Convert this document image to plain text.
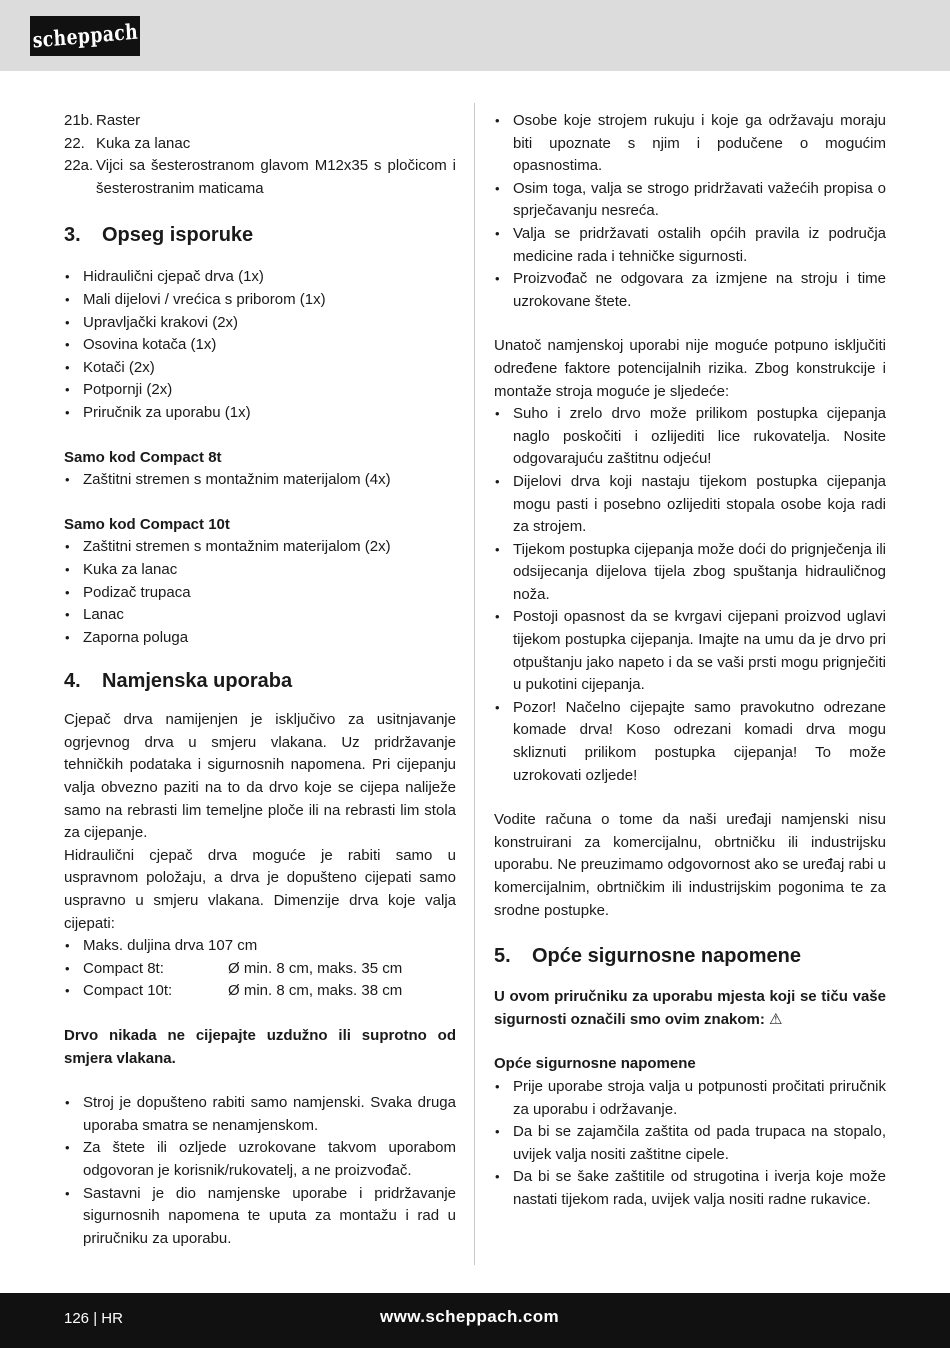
scheppach
21b. Raster
22. Kuka za lanac
22a. Vijci sa šesterostranom glavom M12x35 s pločicom i šesterostranim maticama
3.	Opseg isporuke
• Hidraulični cjepač drva (1x)
• Mali dijelovi / vrećica s priborom (1x)
• Upravljački krakovi (2x)
• Osovina kotača (1x)
• Kotači (2x)
• Potpornji (2x)
• Priručnik za uporabu (1x)

Samo kod Compact 8t

• Zaštitni stremen s montažnim materijalom (4x)

Samo kod Compact 10t

• Zaštitni stremen s montažnim materijalom (2x)
• Kuka za lanac
• Podizač trupaca
• Lanac
• Zaporna poluga
4.	Namjenska uporaba

Cjepač drva namijenjen je isključivo za usitnjavanje ogrjevnog drva u smjeru vlakana. Uz pridržavanje tehničkih podataka i sigurnosnih napomena. Pri cijepanju valja obvezno paziti na to da drvo koje se cijepa naliježe samo na rebrasti lim temeljne ploče ili na rebrasti lim stola za cijepanje.

Hidraulični cjepač drva moguće je rabiti samo u uspravnom položaju, a drva je dopušteno cijepati samo uspravno u smjeru vlakana. Dimenzije drva koje valja cijepati:

• Maks. duljina drva 107 cm
• Compact 8t:	Ø min. 8 cm, maks. 35 cm
• Compact 10t:	Ø min. 8 cm, maks. 38 cm

Drvo nikada ne cijepajte uzdužno ili suprotno od smjera vlakana.

• Stroj je dopušteno rabiti samo namjenski. Svaka druga uporaba smatra se nenamjenskom.
• Za štete ili ozljede uzrokovane takvom uporabom odgovoran je korisnik/rukovatelj, a ne proizvođač.
• Sastavni je dio namjenske uporabe i pridržavanje sigurnosnih napomena te uputa za montažu i rad u priručniku za uporabu.
• Osobe koje strojem rukuju i koje ga održavaju moraju biti upoznate s njim i podučene o mogućim opasnostima.
• Osim toga, valja se strogo pridržavati važećih propisa o sprječavanju nesreća.
• Valja se pridržavati ostalih općih pravila iz područja medicine rada i tehničke sigurnosti.
• Proizvođač ne odgovara za izmjene na stroju i time uzrokovane štete.

Unatoč namjenskoj uporabi nije moguće potpuno isključiti određene faktore potencijalnih rizika. Zbog konstrukcije i montaže stroja moguće je sljedeće:

• Suho i zrelo drvo može prilikom postupka cijepanja naglo poskočiti i ozlijediti lice rukovatelja. Nosite odgovarajuću zaštitnu odjeću!
• Dijelovi drva koji nastaju tijekom postupka cijepanja mogu pasti i posebno ozlijediti stopala osobe koja radi za strojem.
• Tijekom postupka cijepanja može doći do prignječenja ili odsijecanja dijelova tijela zbog spuštanja hidrauličnog noža.
• Postoji opasnost da se kvrgavi cijepani proizvod uglavi tijekom postupka cijepanja. Imajte na umu da je drvo pri otpuštanju jako napeto i da se vaši prsti mogu prignječiti u pukotini cijepanja.
• Pozor! Načelno cijepajte samo pravokutno odrezane komade drva! Koso odrezani komadi drva mogu skliznuti prilikom postupka cijepanja! To može uzrokovati ozljede!

Vodite računa o tome da naši uređaji namjenski nisu konstruirani za komercijalnu, obrtničku ili industrijsku uporabu. Ne preuzimamo odgovornost ako se uređaj rabi u komercijalnim, obrtničkim ili industrijskim pogonima te za srodne postupke.

5.	Opće sigurnosne napomene

U ovom priručniku za uporabu mjesta koji se tiču vaše sigurnosti označili smo ovim znakom: ⚠

Opće sigurnosne napomene

• Prije uporabe stroja valja u potpunosti pročitati priručnik za uporabu i održavanje.
• Da bi se zajamčila zaštita od pada trupaca na stopalo, uvijek valja nositi zaštitne cipele.
• Da bi se šake zaštitile od strugotina i iverja koje može nastati tijekom rada, uvijek valja nositi radne rukavice.
126 | HR	www.scheppach.com
